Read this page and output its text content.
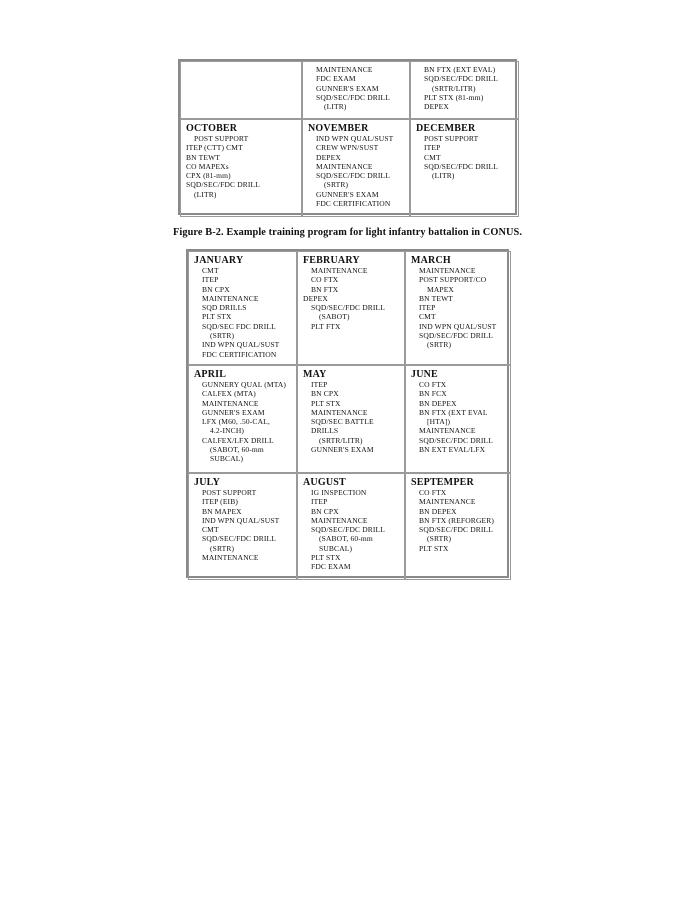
MAINTENANCE
FDC EXAM
GUNNER'S EXAM
SQD/SEC/FDC DRILL
(LITR)
BN FTX (EXT EVAL)
SQD/SEC/FDC DRILL
(SRTR/LITR)
PLT STX (81-mm)
DEPEX
OCTOBER
POST SUPPORT
ITEP (CTT) CMT
BN TEWT
CO MAPEXs
CPX (81-mm)
SQD/SEC/FDC DRILL
(LITR)
NOVEMBER
IND WPN QUAL/SUST
CREW WPN/SUST
DEPEX
MAINTENANCE
SQD/SEC/FDC DRILL
(SRTR)
GUNNER'S EXAM
FDC CERTIFICATION
DECEMBER
POST SUPPORT
ITEP
CMT
SQD/SEC/FDC DRILL
(LITR)
Figure B-2. Example training program for light infantry battalion in CONUS.
JANUARY
CMT
ITEP
BN CPX
MAINTENANCE
SQD DRILLS
PLT STX
SQD/SEC FDC DRILL
(SRTR)
IND WPN QUAL/SUST
FDC CERTIFICATION
FEBRUARY
MAINTENANCE
CO FTX
BN FTX
DEPEX
SQD/SEC/FDC DRILL
(SABOT)
PLT FTX
MARCH
MAINTENANCE
POST SUPPORT/CO
MAPEX
BN TEWT
ITEP
CMT
IND WPN QUAL/SUST
SQD/SEC/FDC DRILL
(SRTR)
APRIL
GUNNERY QUAL (MTA)
CALFEX (MTA)
MAINTENANCE
GUNNER'S EXAM
LFX (M60, .50-CAL,
4.2-INCH)
CALFEX/LFX DRILL
(SABOT, 60-mm
SUBCAL)
MAY
ITEP
BN CPX
PLT STX
MAINTENANCE
SQD/SEC BATTLE
DRILLS
(SRTR/LITR)
GUNNER'S EXAM
JUNE
CO FTX
BN FCX
BN DEPEX
BN FTX (EXT EVAL
[HTA])
MAINTENANCE
SQD/SEC/FDC DRILL
BN EXT EVAL/LFX
JULY
POST SUPPORT
ITEP (EIB)
BN MAPEX
IND WPN QUAL/SUST
CMT
SQD/SEC/FDC DRILL
(SRTR)
MAINTENANCE
AUGUST
IG INSPECTION
ITEP
BN CPX
MAINTENANCE
SQD/SEC/FDC DRILL
(SABOT, 60-mm
SUBCAL)
PLT STX
FDC EXAM
SEPTEMPER
CO FTX
MAINTENANCE
BN DEPEX
BN FTX (REFORGER)
SQD/SEC/FDC DRILL
(SRTR)
PLT STX
